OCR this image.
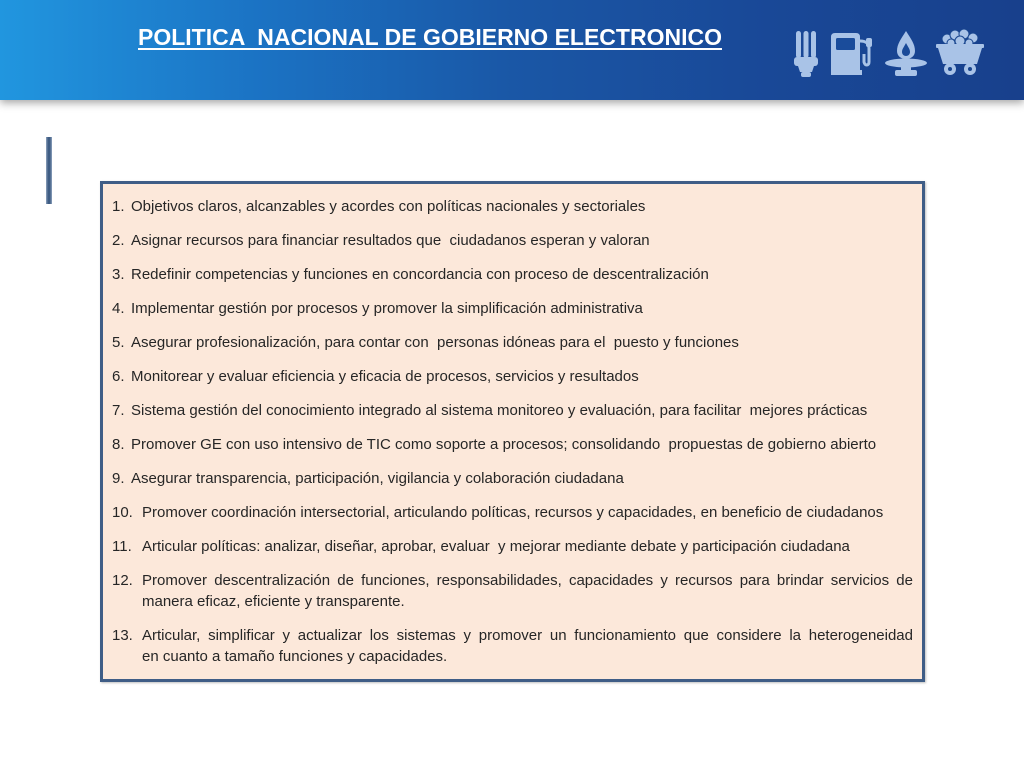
POLITICA  NACIONAL DE GOBIERNO ELECTRONICO
1. Objetivos claros, alcanzables y acordes con políticas nacionales y sectoriales
2. Asignar recursos para financiar resultados que  ciudadanos esperan y valoran
3. Redefinir competencias y funciones en concordancia con proceso de descentralización
4. Implementar gestión por procesos y promover la simplificación administrativa
5. Asegurar profesionalización, para contar con  personas idóneas para el  puesto y funciones
6. Monitorear y evaluar eficiencia y eficacia de procesos, servicios y resultados
7. Sistema gestión del conocimiento integrado al sistema monitoreo y evaluación, para facilitar  mejores prácticas
8. Promover GE con uso intensivo de TIC como soporte a procesos; consolidando  propuestas de gobierno abierto
9. Asegurar transparencia, participación, vigilancia y colaboración ciudadana
10. Promover coordinación intersectorial, articulando políticas, recursos y capacidades, en beneficio de ciudadanos
11. Articular políticas: analizar, diseñar, aprobar, evaluar  y mejorar mediante debate y participación ciudadana
12. Promover descentralización de funciones, responsabilidades, capacidades y recursos para brindar servicios de
manera eficaz, eficiente y transparente.
13. Articular, simplificar y actualizar los sistemas y promover un funcionamiento que considere la heterogeneidad
en cuanto a tamaño funciones y capacidades.
